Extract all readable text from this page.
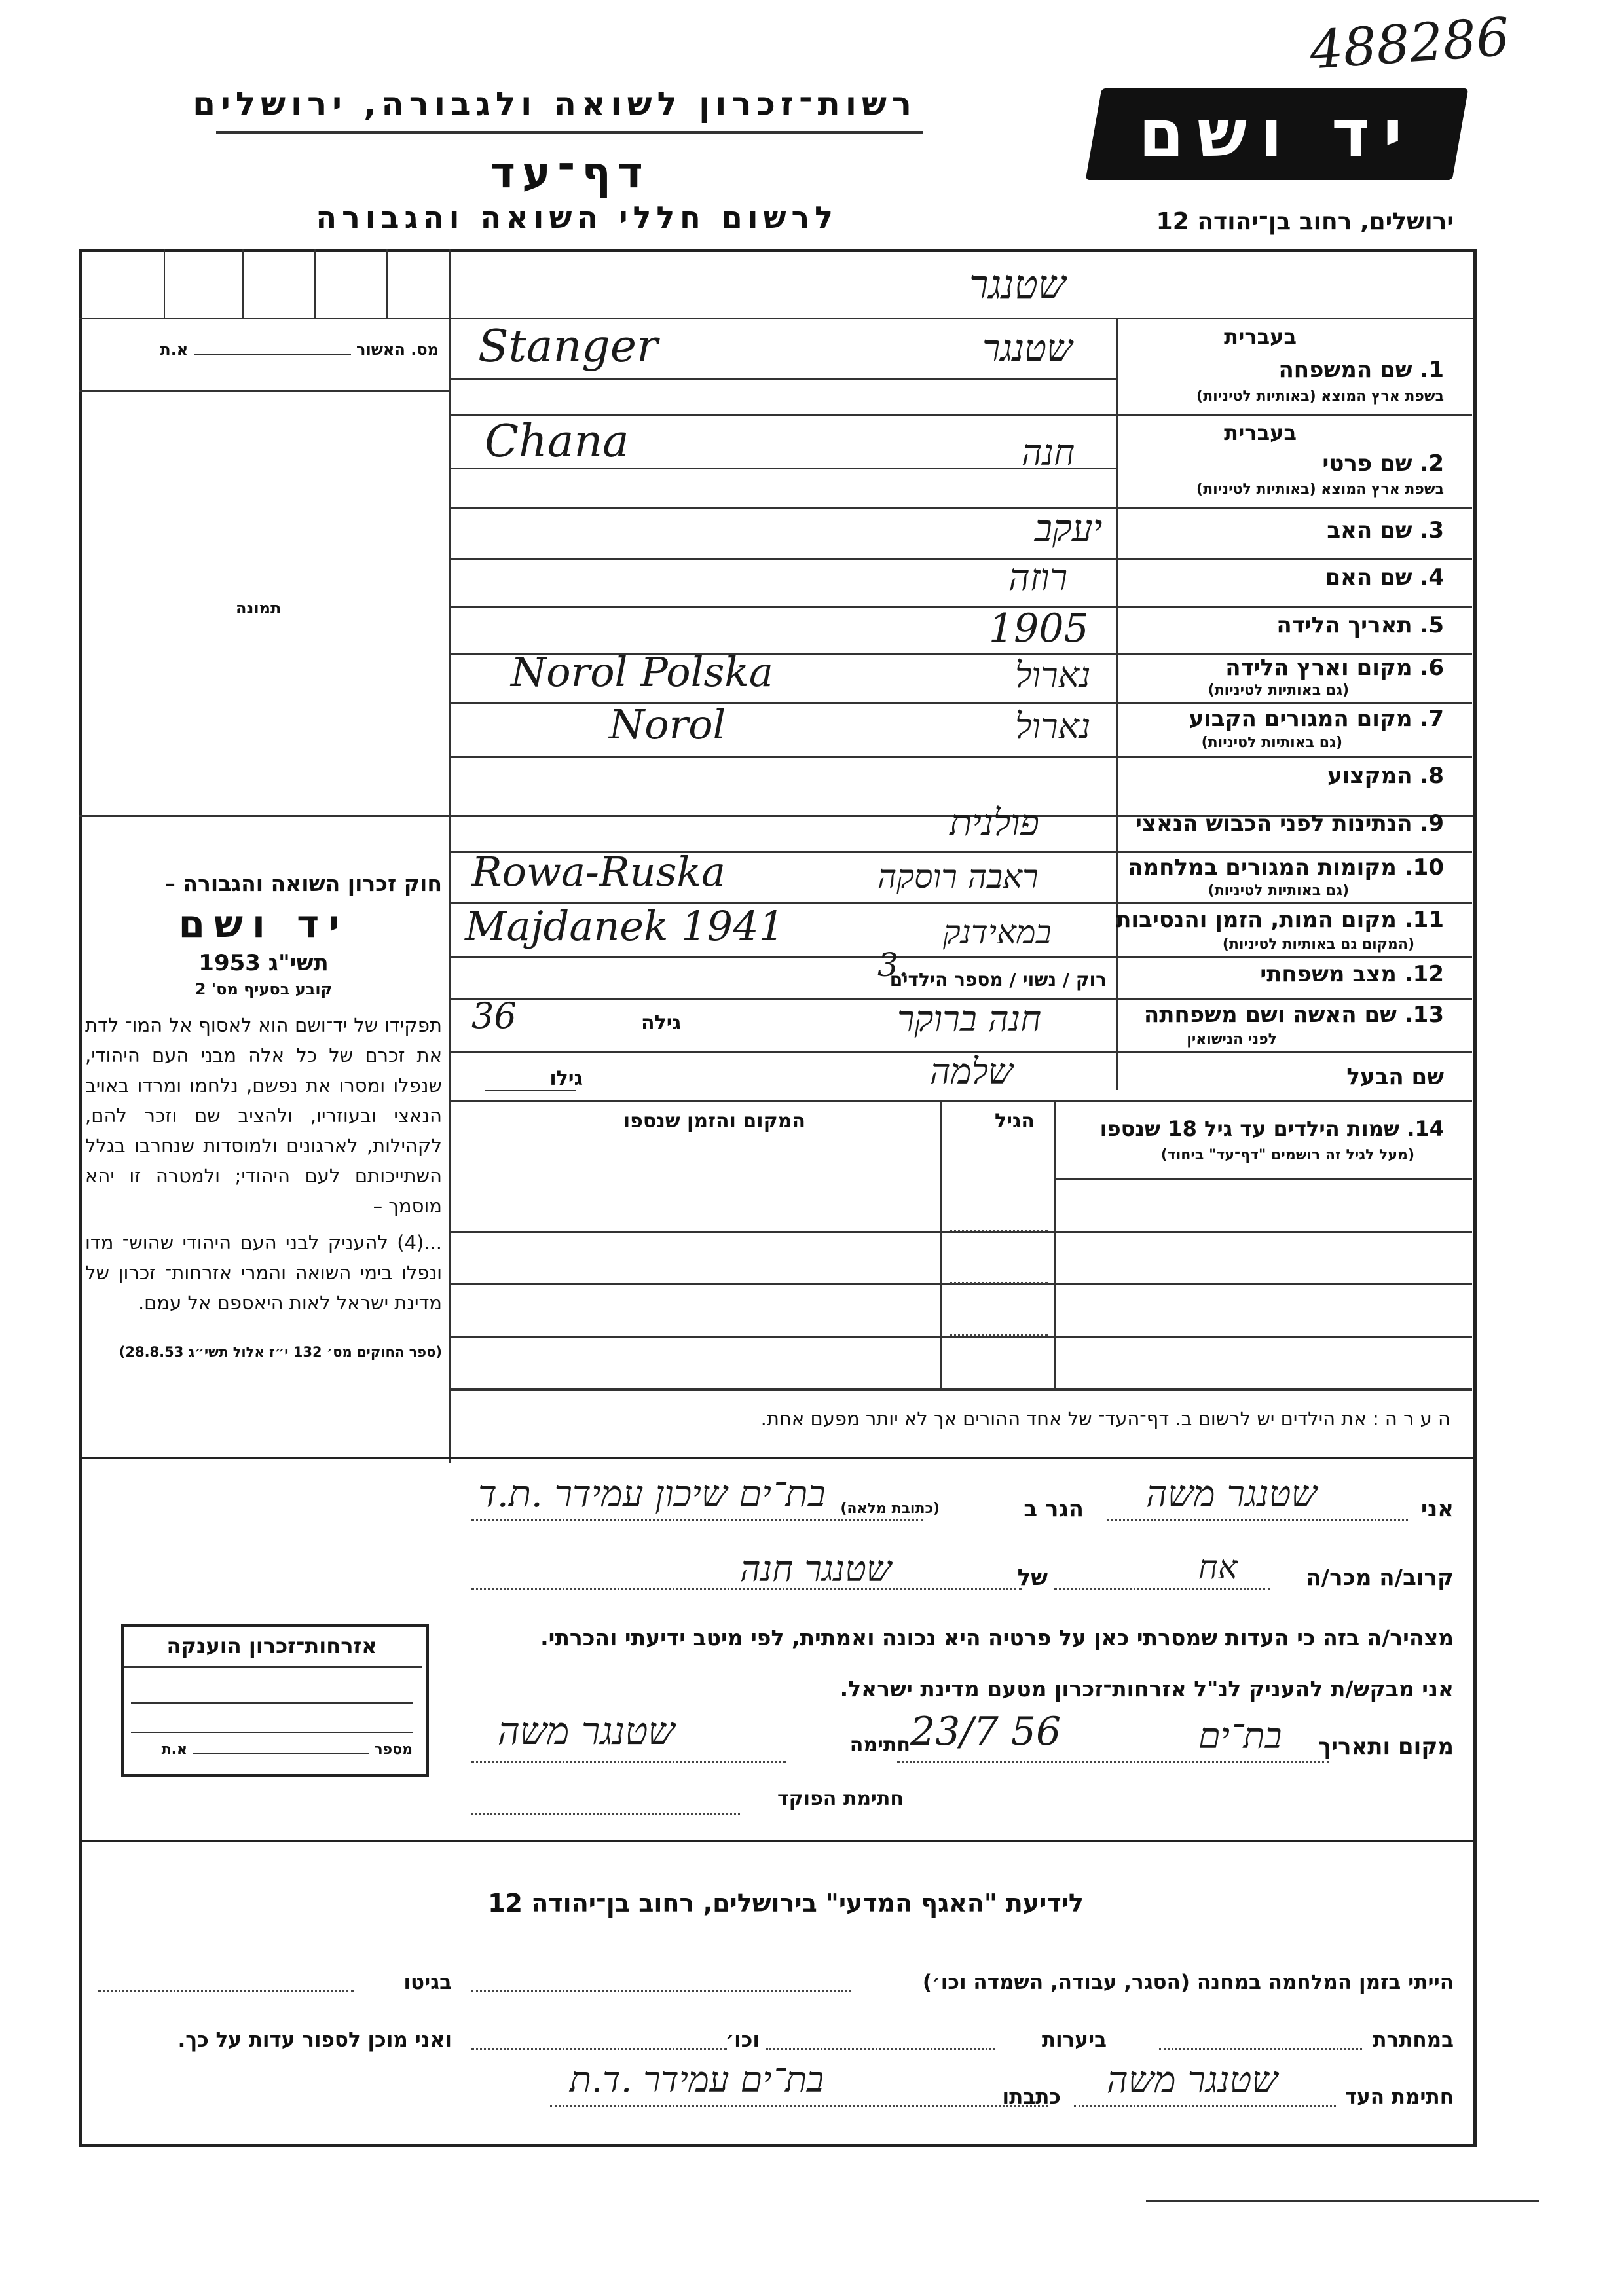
488286
רשות־זכרון לשואה ולגבורה, ירושלים
דף־עד
לרשום חללי השואה והגבורה
יד ושם
ירושלים, רחוב בן־יהודה 12
שטנגר
מס. האשור  א.ת
תמונה

חוק זכרון השואה והגבורה –

יד ושם

תשי"ג 1953

קובע בסעיף מס' 2

תפקידו של יד־ושם הוא לאסוף אל המו־ לדת את זכרם של כל אלה מבני העם היהודי, שנפלו ומסרו את נפשם, נלחמו ומרדו באויב הנאצי ובעוזריו, ולהציב שם וזכר להם, לקהילות, לארגונים ולמוסדות שנחרבו בגלל השתייכותם לעם היהודי; ולמטרה זו יהא מוסמך –

...(4) להעניק לבני העם היהודי שהוש־ מדו ונפלו בימי השואה והמרי אזרחות־ זכרון של מדינת ישראל לאות היאספם אל עמם.

(ספר החוקים מס׳ 132 י״ז אלול תשי״ג 28.8.53)

אזרחות־זכרון הוענקה
מספר  א.ת
בעברית
1. שם המשפחה
בשפת ארץ המוצא (באותיות לטיניות)
Stanger	שטנגר
בעברית
2. שם פרטי
בשפת ארץ המוצא (באותיות לטיניות)
Chana	חנה
3. שם האב
יעקב
4. שם האם
רוזה
5. תאריך הלידה
1905
6. מקום וארץ הלידה
(גם באותיות לטיניות)
Norol Polska	נארול
7. מקום המגורים הקבוע
(גם באותיות לטיניות)
Norol	נארול
8. המקצוע
9. הנתינות לפני הכבוש הנאצי
פולנית
10. מקומות המגורים במלחמה
(גם באותיות לטיניות)
Rowa-Ruska	ראבה רוסקה
11. מקום המות, הזמן והנסיבות
(המקום גם באותיות לטיניות)
Majdanek 1941	במאידנק
12. מצב משפחתי
רוק / נשוי / מספר הילדים
3.
13. שם האשה ושם משפחתה
לפני הנישואין
גילה
36	חנה ברוקר
שם הבעל
גילו	שלמה
14. שמות הילדים עד גיל 18 שנספו
(מעל לגיל זה רושמים "דף־עד" ביחוד)
הגיל
המקום והזמן שנספו
ה ע ר ה : את הילדים יש לרשום ב. דף־העד־ של אחד ההורים אך לא יותר מפעם אחת.
אני
שטנגר משה
הגר ב
(כתובת מלאה)
בת־ים שיכון עמידר .ת.ד
קרוב/ה מכר/ה
אח
של
שטנגר חנה
מצהיר/ה בזה כי העדות שמסרתי כאן על פרטיה היא נכונה ואמתית, לפי מיטב ידיעתי והכרתי.
אני מבקש/ת להעניק לנ"ל אזרחות־זכרון מטעם מדינת ישראל.
מקום ותאריך
בת־ים
23/7 56
חתימה
שטנגר משה
חתימת הפוקד
לידיעת "האגף המדעי" בירושלים, רחוב בן־יהודה 12
הייתי בזמן המלחמה במחנה (הסגר, עבודה, השמדה וכו׳)
בגיטו
במחתרת
ביערות
וכו׳
ואני מוכן לספור עדות על כך.
חתימת העד
שטנגר משה
כתבתו
בת־ים עמידר .ד.ת
